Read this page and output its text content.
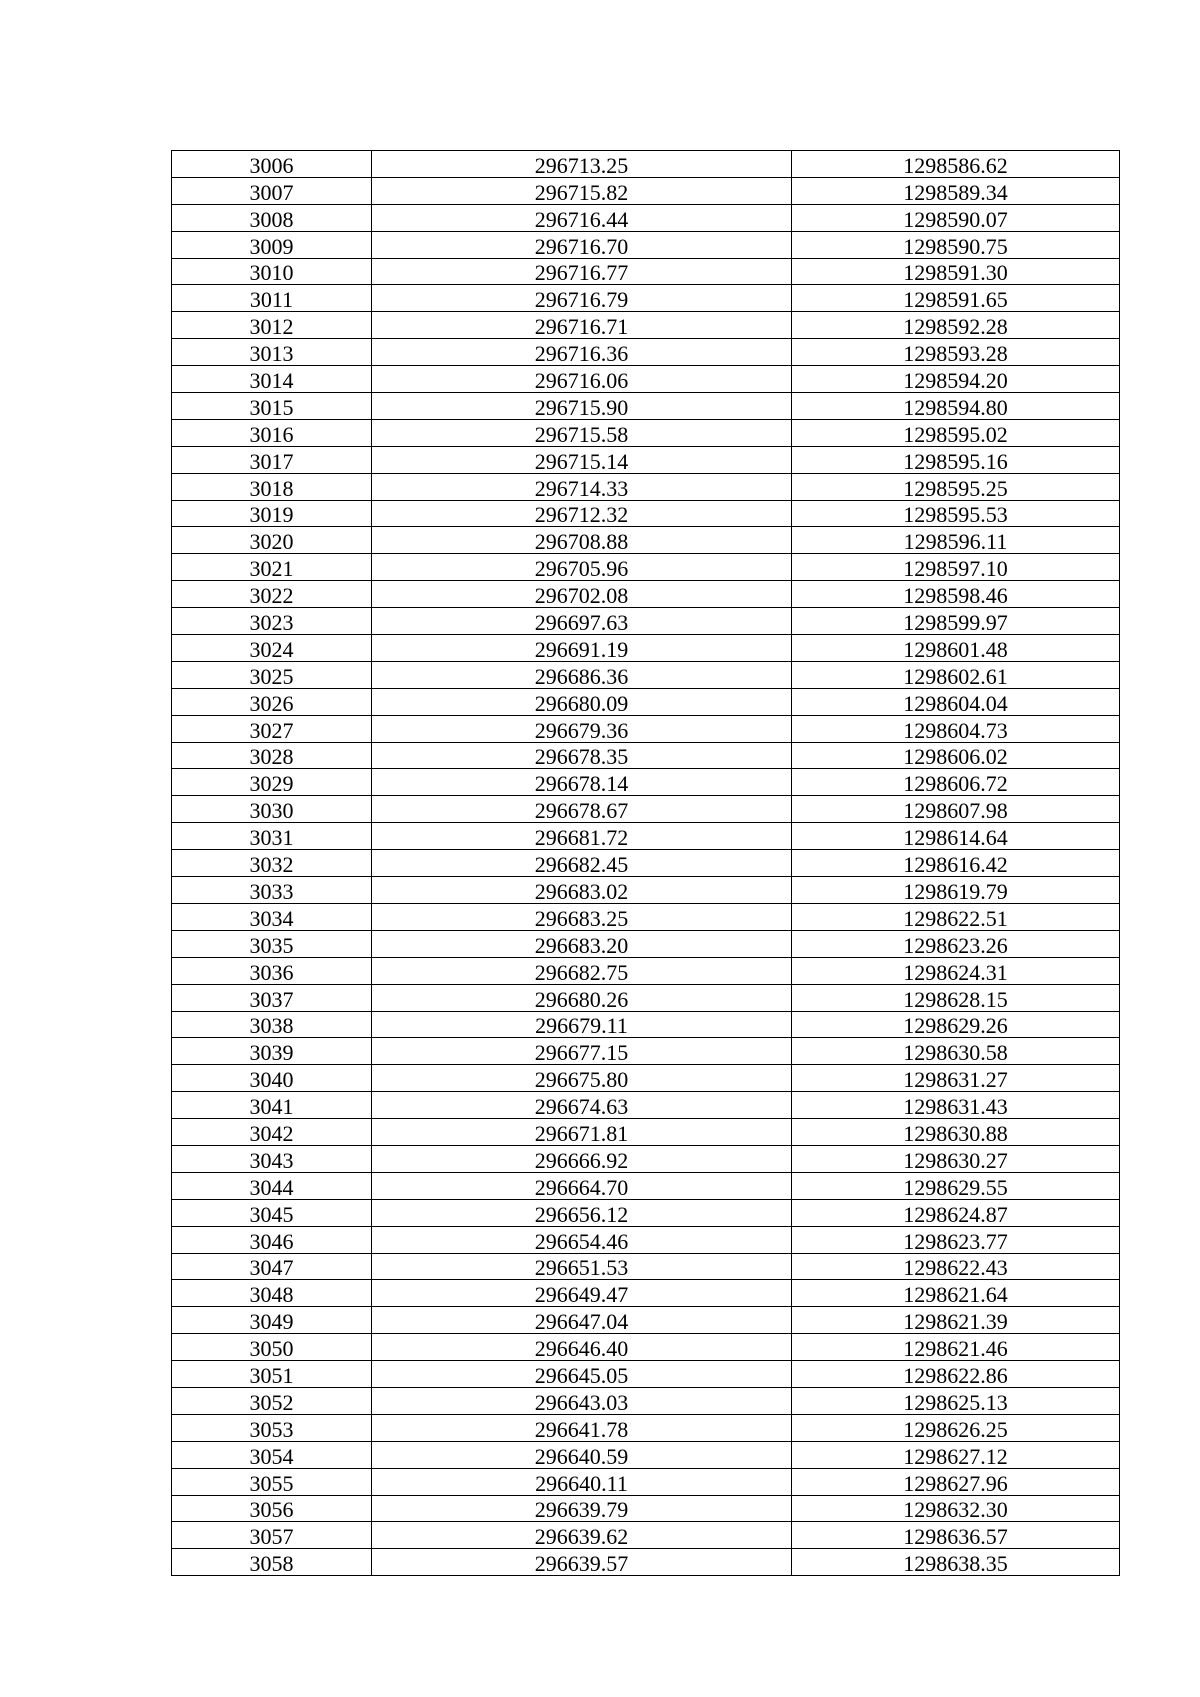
3006	296713.25	1298586.62
3007	296715.82	1298589.34
3008	296716.44	1298590.07
3009	296716.70	1298590.75
3010	296716.77	1298591.30
3011	296716.79	1298591.65
3012	296716.71	1298592.28
3013	296716.36	1298593.28
3014	296716.06	1298594.20
3015	296715.90	1298594.80
3016	296715.58	1298595.02
3017	296715.14	1298595.16
3018	296714.33	1298595.25
3019	296712.32	1298595.53
3020	296708.88	1298596.11
3021	296705.96	1298597.10
3022	296702.08	1298598.46
3023	296697.63	1298599.97
3024	296691.19	1298601.48
3025	296686.36	1298602.61
3026	296680.09	1298604.04
3027	296679.36	1298604.73
3028	296678.35	1298606.02
3029	296678.14	1298606.72
3030	296678.67	1298607.98
3031	296681.72	1298614.64
3032	296682.45	1298616.42
3033	296683.02	1298619.79
3034	296683.25	1298622.51
3035	296683.20	1298623.26
3036	296682.75	1298624.31
3037	296680.26	1298628.15
3038	296679.11	1298629.26
3039	296677.15	1298630.58
3040	296675.80	1298631.27
3041	296674.63	1298631.43
3042	296671.81	1298630.88
3043	296666.92	1298630.27
3044	296664.70	1298629.55
3045	296656.12	1298624.87
3046	296654.46	1298623.77
3047	296651.53	1298622.43
3048	296649.47	1298621.64
3049	296647.04	1298621.39
3050	296646.40	1298621.46
3051	296645.05	1298622.86
3052	296643.03	1298625.13
3053	296641.78	1298626.25
3054	296640.59	1298627.12
3055	296640.11	1298627.96
3056	296639.79	1298632.30
3057	296639.62	1298636.57
3058	296639.57	1298638.35
